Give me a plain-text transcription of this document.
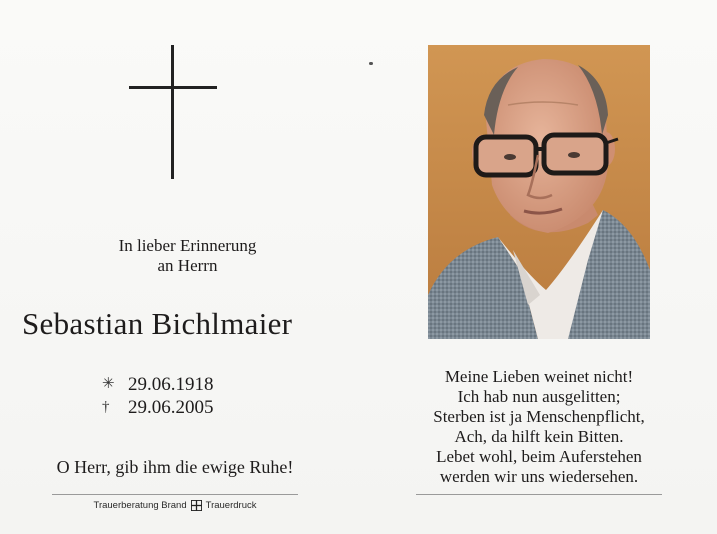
In lieber Erinnerung
an Herrn
Sebastian Bichlmaier
✳ 29.06.1918
† 29.06.2005
O Herr, gib ihm die ewige Ruhe!
Trauerberatung Brand Trauerdruck
Meine Lieben weinet nicht!
Ich hab nun ausgelitten;
Sterben ist ja Menschenpflicht,
Ach, da hilft kein Bitten.
Lebet wohl, beim Auferstehen
werden wir uns wiedersehen.
